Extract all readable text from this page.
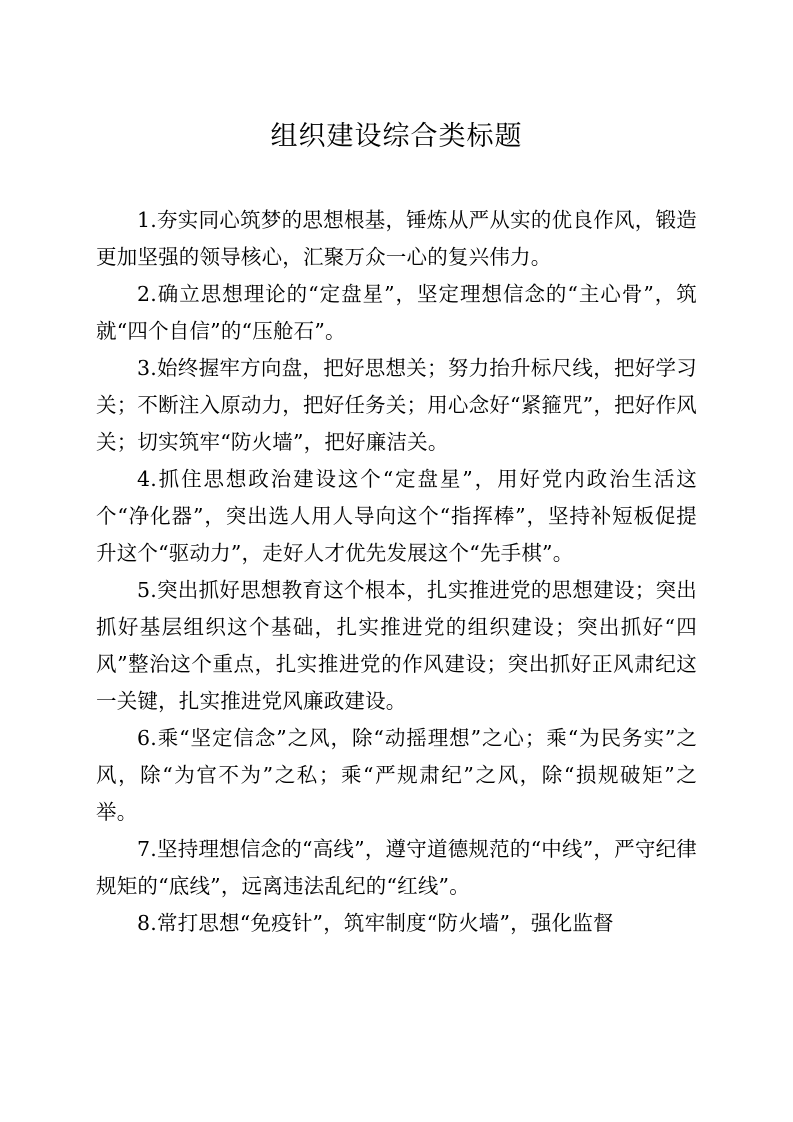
组织建设综合类标题

1.夯实同心筑梦的思想根基，锤炼从严从实的优良作风，锻造更加坚强的领导核心，汇聚万众一心的复兴伟力。

2.确立思想理论的“定盘星”，坚定理想信念的“主心骨”，筑就“四个自信”的“压舱石”。

3.始终握牢方向盘，把好思想关；努力抬升标尺线，把好学习关；不断注入原动力，把好任务关；用心念好“紧箍咒”，把好作风关；切实筑牢“防火墙”，把好廉洁关。

4.抓住思想政治建设这个“定盘星”，用好党内政治生活这个“净化器”，突出选人用人导向这个“指挥棒”，坚持补短板促提升这个“驱动力”，走好人才优先发展这个“先手棋”。

5.突出抓好思想教育这个根本，扎实推进党的思想建设；突出抓好基层组织这个基础，扎实推进党的组织建设；突出抓好“四风”整治这个重点，扎实推进党的作风建设；突出抓好正风肃纪这一关键，扎实推进党风廉政建设。

6.乘“坚定信念”之风，除“动摇理想”之心；乘“为民务实”之风，除“为官不为”之私；乘“严规肃纪”之风，除“损规破矩”之举。

7.坚持理想信念的“高线”，遵守道德规范的“中线”，严守纪律规矩的“底线”，远离违法乱纪的“红线”。

8.常打思想“免疫针”，筑牢制度“防火墙”，强化监督
